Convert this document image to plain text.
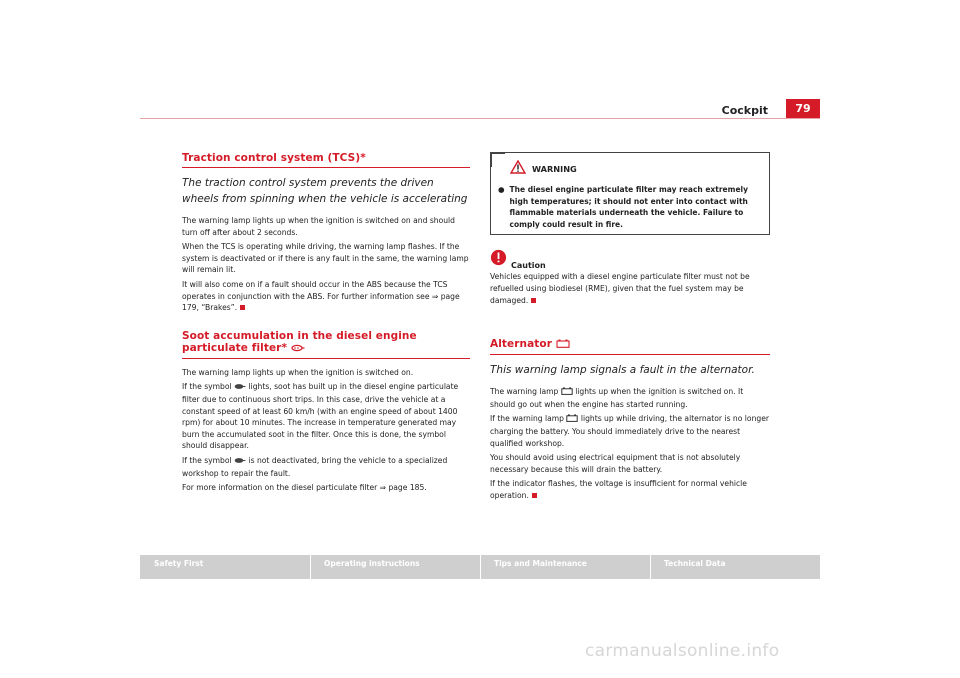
Cockpit	79
Traction control system (TCS)*
The traction control system prevents the driven wheels from spinning when the vehicle is accelerating

The warning lamp lights up when the ignition is switched on and should turn off after about 2 seconds.

When the TCS is operating while driving, the warning lamp flashes. If the system is deactivated or if there is any fault in the same, the warning lamp will remain lit.

It will also come on if a fault should occur in the ABS because the TCS operates in conjunction with the ABS. For further information see ⇒ page 179, “Brakes”.

Soot accumulation in the diesel engine particulate filter*

The warning lamp lights up when the ignition is switched on.

If the symbol lights, soot has built up in the diesel engine particulate filter due to continuous short trips. In this case, drive the vehicle at a constant speed of at least 60 km/h (with an engine speed of about 1400 rpm) for about 10 minutes. The increase in temperature generated may burn the accumulated soot in the filter. Once this is done, the symbol should disappear.

If the symbol is not deactivated, bring the vehicle to a specialized workshop to repair the fault.

For more information on the diesel particulate filter ⇒ page 185.

WARNING
● The diesel engine particulate filter may reach extremely high temperatures; it should not enter into contact with flammable materials underneath the vehicle. Failure to comply could result in fire.
Caution

Vehicles equipped with a diesel engine particulate filter must not be refuelled using biodiesel (RME), given that the fuel system may be damaged.

Alternator
This warning lamp signals a fault in the alternator.

The warning lamp lights up when the ignition is switched on. It should go out when the engine has started running.

If the warning lamp lights up while driving, the alternator is no longer charging the battery. You should immediately drive to the nearest qualified workshop.

You should avoid using electrical equipment that is not absolutely necessary because this will drain the battery.

If the indicator flashes, the voltage is insufficient for normal vehicle operation.

Safety First	Operating instructions	Tips and Maintenance	Technical Data
carmanualsonline.info
